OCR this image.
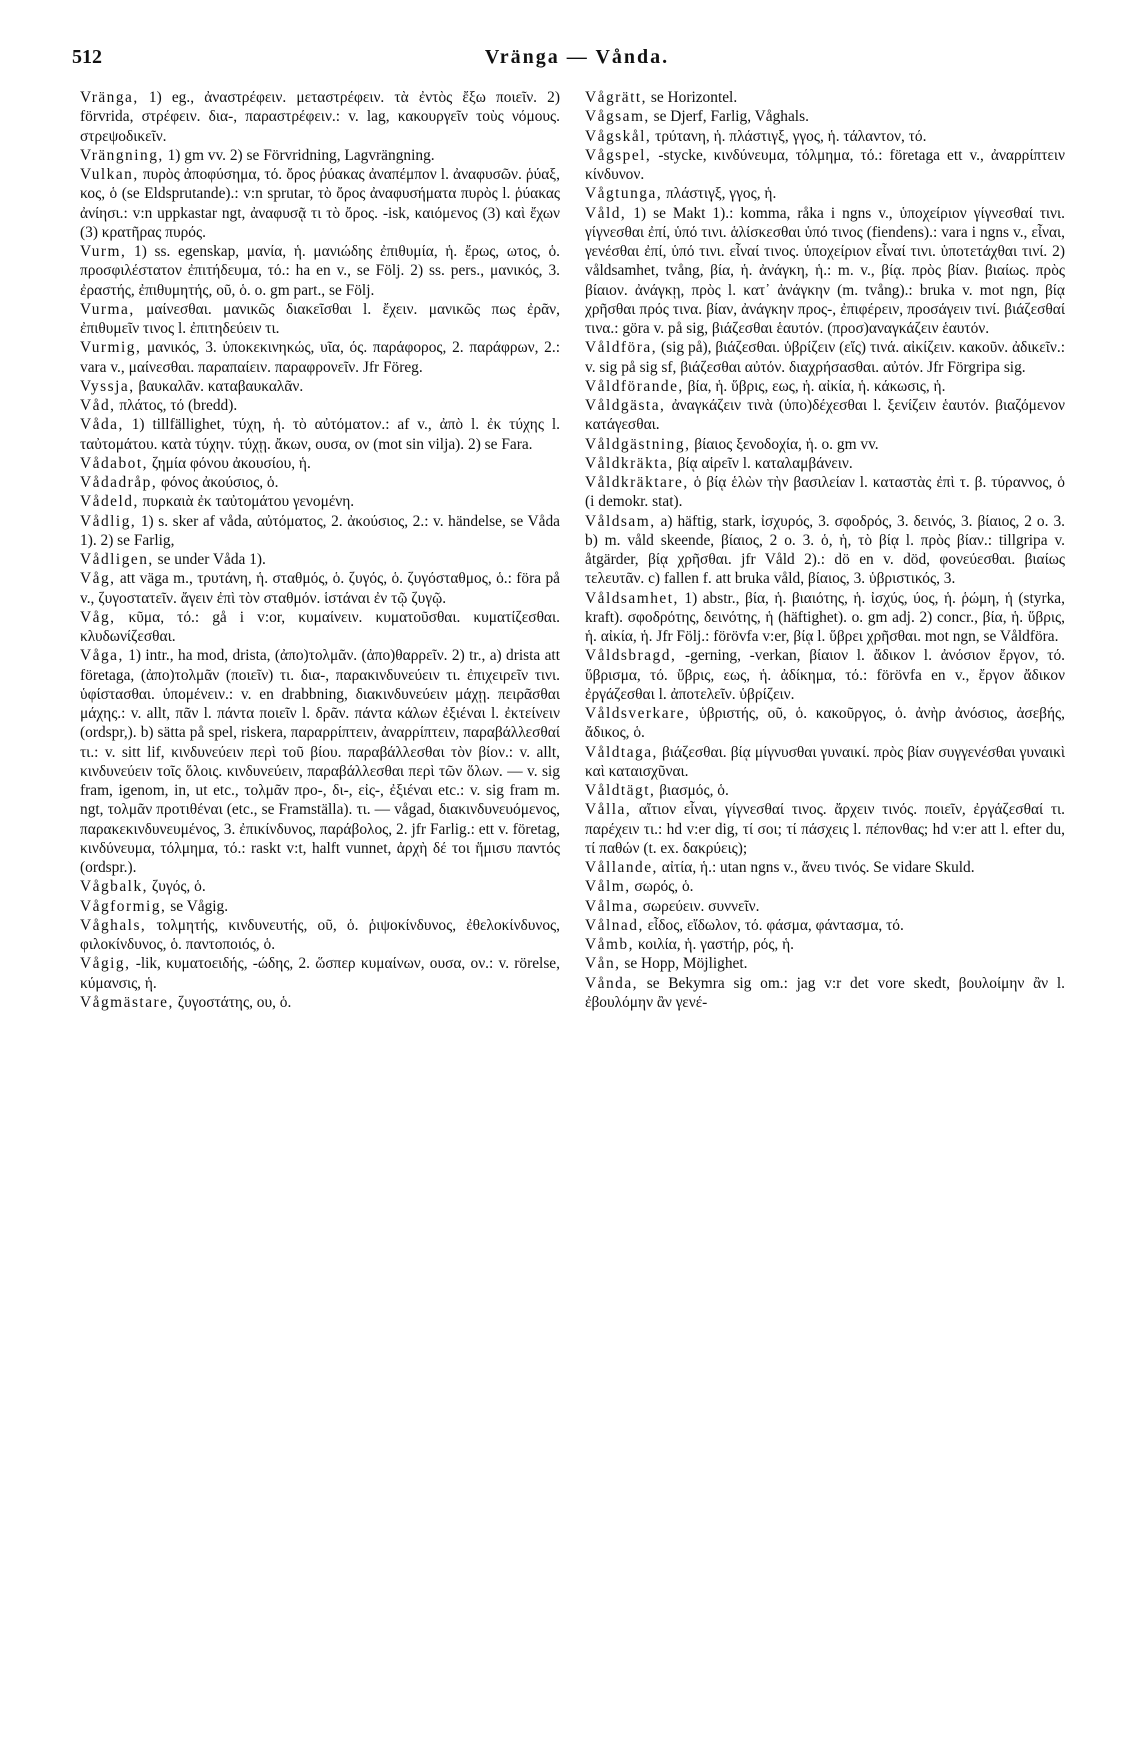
512	Vränga — Vånda.

Vränga, 1) eg., ἀναστρέφειν. μεταστρέφειν. τὰ ἐντὸς ἔξω ποιεῖν. 2) förvrida, στρέφειν. δια-, παραστρέφειν.: v. lag, κακουργεῖν τοὺς νόμους. στρεψοδικεῖν.

Vrängning, 1) gm vv. 2) se Förvridning, Lagvrängning.

Vulkan, πυρὸς ἀποφύσημα, τό. ὄρος ῥύακας ἀναπέμπον l. ἀναφυσῶν. ῥύαξ, κος, ὁ (se Eldsprutande).: v:n sprutar, τὸ ὄρος ἀναφυσήματα πυρὸς l. ῥύακας ἀνίησι.: v:n uppkastar ngt, ἀναφυσᾷ τι τὸ ὄρος. -isk, καιόμενος (3) καὶ ἔχων (3) κρατῆρας πυρός.

Vurm, 1) ss. egenskap, μανία, ἡ. μανιώδης ἐπιθυμία, ἡ. ἔρως, ωτος, ὁ. προσφιλέστατον ἐπιτήδευμα, τό.: ha en v., se Följ. 2) ss. pers., μανικός, 3. ἐραστής, ἐπιθυμητής, οῦ, ὁ. o. gm part., se Följ.

Vurma, μαίνεσθαι. μανικῶς διακεῖσθαι l. ἔχειν. μανικῶς πως ἐρᾶν, ἐπιθυμεῖν τινος l. ἐπιτηδεύειν τι.

Vurmig, μανικός, 3. ὑποκεκινηκώς, υῖα, ός. παράφορος, 2. παράφρων, 2.: vara v., μαίνεσθαι. παραπαίειν. παραφρονεῖν. Jfr Föreg.

Vyssja, βαυκαλᾶν. καταβαυκαλᾶν.

Våd, πλάτος, τό (bredd).

Våda, 1) tillfällighet, τύχη, ἡ. τὸ αὐτόματον.: af v., ἀπὸ l. ἐκ τύχης l. ταὐτομάτου. κατὰ τύχην. τύχῃ. ἄκων, ουσα, ον (mot sin vilja). 2) se Fara.

Vådabot, ζημία φόνου ἀκουσίου, ἡ.

Vådadråp, φόνος ἀκούσιος, ὁ.

Vådeld, πυρκαιὰ ἐκ ταὐτομάτου γενομένη.

Vådlig, 1) s. sker af våda, αὐτόματος, 2. ἀκούσιος, 2.: v. händelse, se Våda 1). 2) se Farlig,

Vådligen, se under Våda 1).

Våg, att väga m., τρυτάνη, ἡ. σταθμός, ὁ. ζυγός, ὁ. ζυγόσταθμος, ὁ.: föra på v., ζυγοστατεῖν. ἄγειν ἐπὶ τὸν σταθμόν. ἱστάναι ἐν τῷ ζυγῷ.

Våg, κῦμα, τό.: gå i v:or, κυμαίνειν. κυματοῦσθαι. κυματίζεσθαι. κλυδωνίζεσθαι.

Våga, 1) intr., ha mod, drista, (ἀπο)τολμᾶν. (ἀπο)θαρρεῖν. 2) tr., a) drista att företaga, (ἀπο)τολμᾶν (ποιεῖν) τι. δια-, παρακινδυνεύειν τι. ἐπιχειρεῖν τινι. ὑφίστασθαι. ὑπομένειν.: v. en drabbning, διακινδυνεύειν μάχῃ. πειρᾶσθαι μάχης.: v. allt, πᾶν l. πάντα ποιεῖν l. δρᾶν. πάντα κάλων ἐξιέναι l. ἐκτείνειν (ordspr,). b) sätta på spel, riskera, παραρρίπτειν, ἀναρρίπτειν, παραβάλλεσθαί τι.: v. sitt lif, κινδυνεύειν περὶ τοῦ βίου. παραβάλλεσθαι τὸν βίον.: v. allt, κινδυνεύειν τοῖς ὅλοις. κινδυνεύειν, παραβάλλεσθαι περὶ τῶν ὅλων. — v. sig fram, igenom, in, ut etc., τολμᾶν προ-, δι-, εἰς-, ἐξιέναι etc.: v. sig fram m. ngt, τολμᾶν προτιθέναι (etc., se Framställa). τι. — vågad, διακινδυνευόμενος, παρακεκινδυνευμένος, 3. ἐπικίνδυνος, παράβολος, 2. jfr Farlig.: ett v. företag, κινδύνευμα, τόλμημα, τό.: raskt v:t, halft vunnet, ἀρχὴ δέ τοι ἥμισυ παντός (ordspr.).

Vågbalk, ζυγός, ὁ.

Vågformig, se Vågig.

Våghals, τολμητής, κινδυνευτής, οῦ, ὁ. ῥιψοκίνδυνος, ἐθελοκίνδυνος, φιλοκίνδυνος, ὁ. παντοποιός, ὁ.

Vågig, -lik, κυματοειδής, -ώδης, 2. ὥσπερ κυμαίνων, ουσα, ον.: v. rörelse, κύμανσις, ἡ.

Vågmästare, ζυγοστάτης, ου, ὁ.

Vågrätt, se Horizontel.

Vågsam, se Djerf, Farlig, Våghals.

Vågskål, τρύτανη, ἡ. πλάστιγξ, γγος, ἡ. τάλαντον, τό.

Vågspel, -stycke, κινδύνευμα, τόλμημα, τό.: företaga ett v., ἀναρρίπτειν κίνδυνον.

Vågtunga, πλάστιγξ, γγος, ἡ.

Våld, 1) se Makt 1).: komma, råka i ngns v., ὑποχείριον γίγνεσθαί τινι. γίγνεσθαι ἐπί, ὑπό τινι. ἁλίσκεσθαι ὑπό τινος (fiendens).: vara i ngns v., εἶναι, γενέσθαι ἐπί, ὑπό τινι. εἶναί τινος. ὑποχείριον εἶναί τινι. ὑποτετάχθαι τινί. 2) våldsamhet, tvång, βία, ἡ. ἀνάγκη, ἡ.: m. v., βίᾳ. πρὸς βίαν. βιαίως. πρὸς βίαιον. ἀνάγκῃ, πρὸς l. κατ᾽ ἀνάγκην (m. tvång).: bruka v. mot ngn, βίᾳ χρῆσθαι πρός τινα. βίαν, ἀνάγκην προς-, ἐπιφέρειν, προσάγειν τινί. βιάζεσθαί τινα.: göra v. på sig, βιάζεσθαι ἑαυτόν. (προσ)αναγκάζειν ἑαυτόν.

Våldföra, (sig på), βιάζεσθαι. ὑβρίζειν (εἴς) τινά. αἰκίζειν. κακοῦν. ἀδικεῖν.: v. sig på sig sf, βιάζεσθαι αὐτόν. διαχρήσασθαι. αὐτόν. Jfr Förgripa sig.

Våldförande, βία, ἡ. ὕβρις, εως, ἡ. αἰκία, ἡ. κάκωσις, ἡ.

Våldgästa, ἀναγκάζειν τινὰ (ὑπο)δέχεσθαι l. ξενίζειν ἑαυτόν. βιαζόμενον κατάγεσθαι.

Våldgästning, βίαιος ξενοδοχία, ἡ. o. gm vv.

Våldkräkta, βίᾳ αἱρεῖν l. καταλαμβάνειν.

Våldkräktare, ὁ βίᾳ ἑλὼν τὴν βασιλείαν l. καταστὰς ἐπὶ τ. β. τύραννος, ὁ (i demokr. stat).

Våldsam, a) häftig, stark, ἰσχυρός, 3. σφοδρός, 3. δεινός, 3. βίαιος, 2 o. 3. b) m. våld skeende, βίαιος, 2 o. 3. ὁ, ἡ, τὸ βίᾳ l. πρὸς βίαν.: tillgripa v. åtgärder, βίᾳ χρῆσθαι. jfr Våld 2).: dö en v. död, φονεύεσθαι. βιαίως τελευτᾶν. c) fallen f. att bruka våld, βίαιος, 3. ὑβριστικός, 3.

Våldsamhet, 1) abstr., βία, ἡ. βιαιότης, ἡ. ἰσχύς, ύος, ἡ. ῥώμη, ἡ (styrka, kraft). σφοδρότης, δεινότης, ἡ (häftighet). o. gm adj. 2) concr., βία, ἡ. ὕβρις, ἡ. αἰκία, ἡ. Jfr Följ.: förövfa v:er, βίᾳ l. ὕβρει χρῆσθαι. mot ngn, se Våldföra.

Våldsbragd, -gerning, -verkan, βίαιον l. ἄδικον l. ἀνόσιον ἔργον, τό. ὕβρισμα, τό. ὕβρις, εως, ἡ. ἀδίκημα, τό.: förövfa en v., ἔργον ἄδικον ἐργάζεσθαι l. ἀποτελεῖν. ὑβρίζειν.

Våldsverkare, ὑβριστής, οῦ, ὁ. κακοῦργος, ὁ. ἀνὴρ ἀνόσιος, ἀσεβής, ἄδικος, ὁ.

Våldtaga, βιάζεσθαι. βίᾳ μίγνυσθαι γυναικί. πρὸς βίαν συγγενέσθαι γυναικὶ καὶ καταισχῦναι.

Våldtägt, βιασμός, ὁ.

Vålla, αἴτιον εἶναι, γίγνεσθαί τινος. ἄρχειν τινός. ποιεῖν, ἐργάζεσθαί τι. παρέχειν τι.: hd v:er dig, τί σοι; τί πάσχεις l. πέπονθας; hd v:er att l. efter du, τί παθών (t. ex. δακρύεις);

Vållande, αἰτία, ἡ.: utan ngns v., ἄνευ τινός. Se vidare Skuld.

Vålm, σωρός, ὁ.

Vålma, σωρεύειν. συννεῖν.

Vålnad, εἶδος, εἴδωλον, τό. φάσμα, φάντασμα, τό.

Våmb, κοιλία, ἡ. γαστήρ, ρός, ἡ.

Vån, se Hopp, Möjlighet.

Vånda, se Bekymra sig om.: jag v:r det vore skedt, βουλοίμην ἂν l. ἐβουλόμην ἂν γενέ-
